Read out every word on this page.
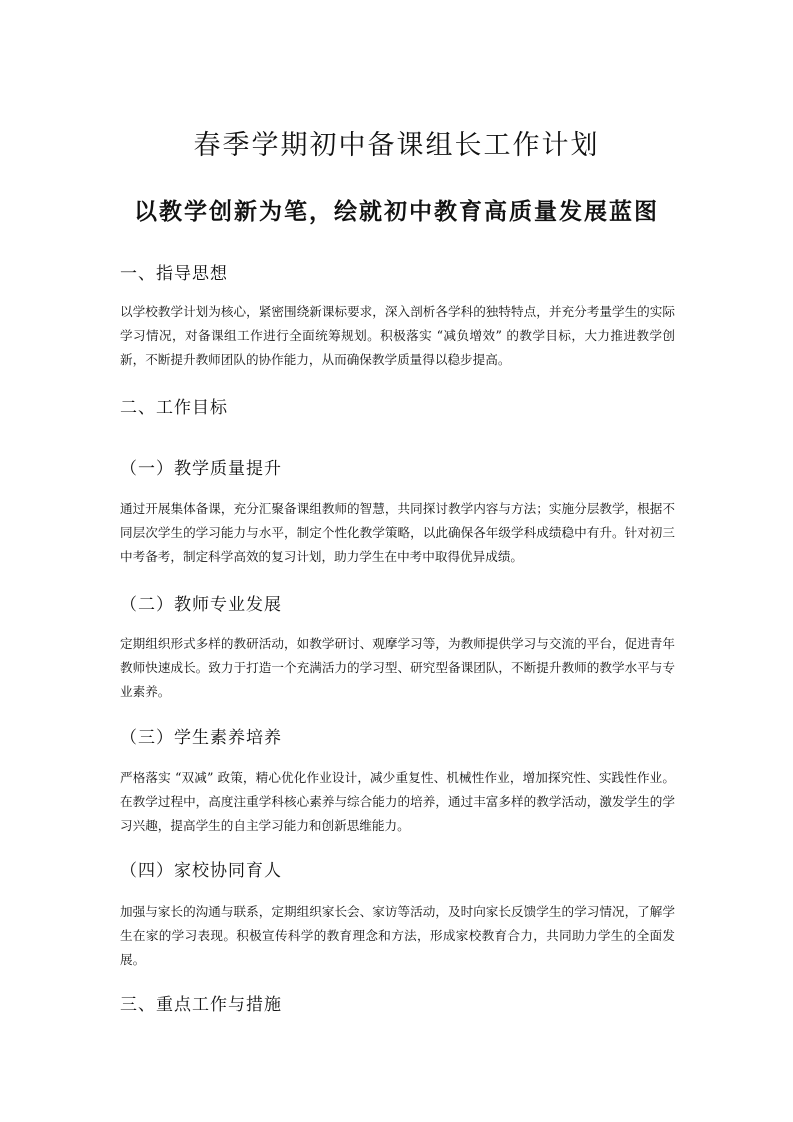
春季学期初中备课组长工作计划
以教学创新为笔，绘就初中教育高质量发展蓝图
一、指导思想

以学校教学计划为核心，紧密围绕新课标要求，深入剖析各学科的独特特点，并充分考量学生的实际学习情况，对备课组工作进行全面统筹规划。积极落实 “减负增效” 的教学目标，大力推进教学创新，不断提升教师团队的协作能力，从而确保教学质量得以稳步提高。

二、工作目标
（一）教学质量提升

通过开展集体备课，充分汇聚备课组教师的智慧，共同探讨教学内容与方法；实施分层教学，根据不同层次学生的学习能力与水平，制定个性化教学策略，以此确保各年级学科成绩稳中有升。针对初三中考备考，制定科学高效的复习计划，助力学生在中考中取得优异成绩。

（二）教师专业发展

定期组织形式多样的教研活动，如教学研讨、观摩学习等，为教师提供学习与交流的平台，促进青年教师快速成长。致力于打造一个充满活力的学习型、研究型备课团队，不断提升教师的教学水平与专业素养。

（三）学生素养培养

严格落实 “双减” 政策，精心优化作业设计，减少重复性、机械性作业，增加探究性、实践性作业。在教学过程中，高度注重学科核心素养与综合能力的培养，通过丰富多样的教学活动，激发学生的学习兴趣，提高学生的自主学习能力和创新思维能力。

（四）家校协同育人

加强与家长的沟通与联系，定期组织家长会、家访等活动，及时向家长反馈学生的学习情况，了解学生在家的学习表现。积极宣传科学的教育理念和方法，形成家校教育合力，共同助力学生的全面发展。

三、重点工作与措施
